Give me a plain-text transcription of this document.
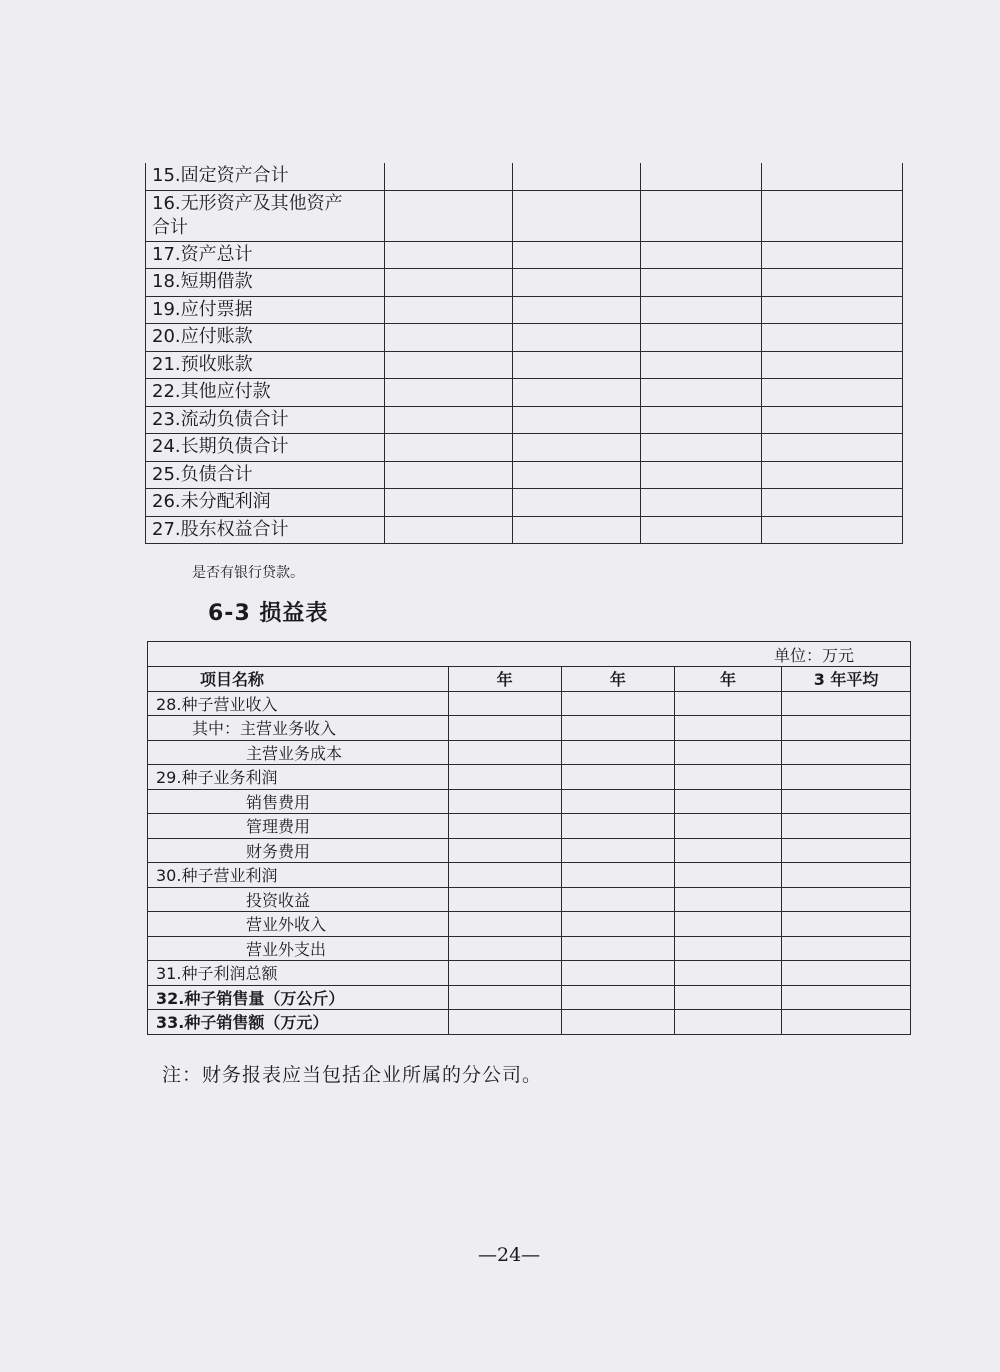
15.固定资产合计				

16.无形资产及其他资产
合计				

17.资产总计				
18.短期借款				
19.应付票据				
20.应付账款				
21.预收账款				
22.其他应付款				
23.流动负债合计				
24.长期负债合计				
25.负债合计				
26.未分配利润				
27.股东权益合计				
是否有银行贷款。
6-3 损益表
单位：万元				
项目名称	年	年	年	3 年平均
28.种子营业收入				
其中：主营业务收入				
主营业务成本				
29.种子业务利润				
销售费用				
管理费用				
财务费用				
30.种子营业利润				
投资收益				
营业外收入				
营业外支出				
31.种子利润总额				
32.种子销售量（万公斤）				
33.种子销售额（万元）				
注：财务报表应当包括企业所属的分公司。
—24—
